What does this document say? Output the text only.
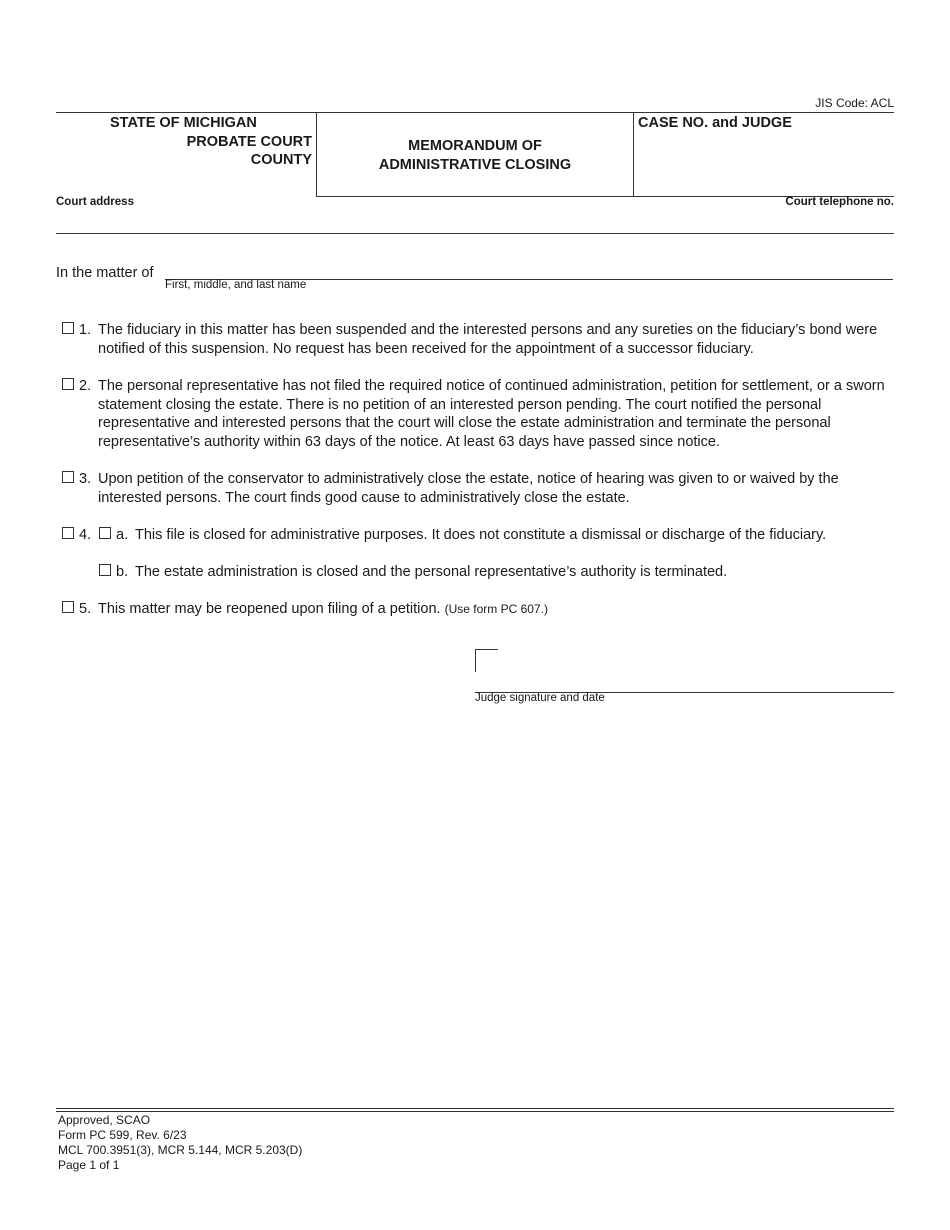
JIS Code: ACL
STATE OF MICHIGAN
PROBATE COURT
COUNTY
MEMORANDUM OF
ADMINISTRATIVE CLOSING
CASE NO. and JUDGE
Court address	Court telephone no.
In the matter of
First, middle, and last name
1. The fiduciary in this matter has been suspended and the interested persons and any sureties on the fiduciary’s bond were notified of this suspension. No request has been received for the appointment of a successor fiduciary.
2. The personal representative has not filed the required notice of continued administration, petition for settlement, or a sworn statement closing the estate. There is no petition of an interested person pending. The court notified the personal representative and interested persons that the court will close the estate administration and terminate the personal representative’s authority within 63 days of the notice. At least 63 days have passed since notice.
3. Upon petition of the conservator to administratively close the estate, notice of hearing was given to or waived by the interested persons. The court finds good cause to administratively close the estate.
4. a. This file is closed for administrative purposes. It does not constitute a dismissal or discharge of the fiduciary.
b. The estate administration is closed and the personal representative’s authority is terminated.
5. This matter may be reopened upon filing of a petition. (Use form PC 607.)
Judge signature and date
Approved, SCAO
Form PC 599, Rev. 6/23
MCL 700.3951(3), MCR 5.144, MCR 5.203(D)
Page 1 of 1
